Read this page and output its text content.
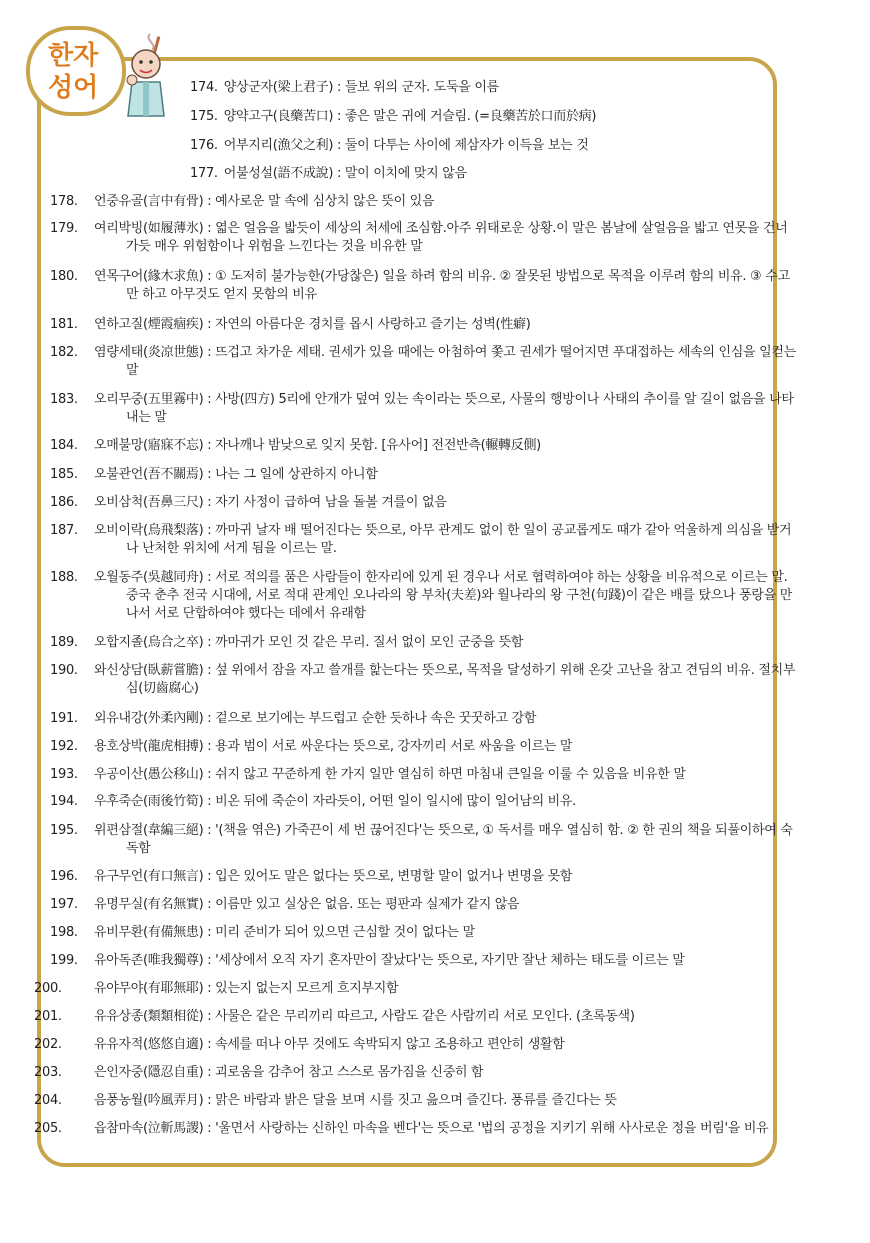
한자
성어	174. 양상군자(梁上君子) : 들보 위의 군자. 도둑을 이름
175. 양약고구(良藥苦口) : 좋은 말은 귀에 거슬림. (=良藥苦於口而於病)
176. 어부지리(漁父之利) : 둘이 다투는 사이에 제삼자가 이득을 보는 것
177. 어불성설(語不成說) : 말이 이치에 맞지 않음
178. 언중유골(言中有骨) : 예사로운 말 속에 심상치 않은 뜻이 있음
179. 여리박빙(如履薄氷) : 엷은 얼음을 밟듯이 세상의 처세에 조심함.아주 위태로운 상황.이 말은 봄날에 살얼음을 밟고 연못을 건너가듯 매우 위험함이나 위험을 느낀다는 것을 비유한 말
180. 연목구어(緣木求魚) : ① 도저히 불가능한(가당찮은) 일을 하려 함의 비유. ② 잘못된 방법으로 목적을 이루려 함의 비유. ③ 수고만 하고 아무것도 얻지 못함의 비유
181. 연하고질(煙霞痼疾) : 자연의 아름다운 경치를 몹시 사랑하고 즐기는 성벽(性癖)
182. 염량세태(炎凉世態) : 뜨겁고 차가운 세태. 권세가 있을 때에는 아첨하여 쫓고 권세가 떨어지면 푸대접하는 세속의 인심을 일컫는 말
183. 오리무중(五里霧中) : 사방(四方) 5리에 안개가 덮여 있는 속이라는 뜻으로, 사물의 행방이나 사태의 추이를 알 길이 없음을 나타내는 말
184. 오매불망(寤寐不忘) : 자나깨나 밤낮으로 잊지 못함. [유사어] 전전반측(輾轉反側)
185. 오불관언(吾不關焉) : 나는 그 일에 상관하지 아니함
186. 오비삼척(吾鼻三尺) : 자기 사정이 급하여 남을 돌볼 겨를이 없음
187. 오비이락(烏飛梨落) : 까마귀 날자 배 떨어진다는 뜻으로, 아무 관계도 없이 한 일이 공교롭게도 때가 같아 억울하게 의심을 받거나 난처한 위치에 서게 됨을 이르는 말.
188. 오월동주(吳越同舟) : 서로 적의를 품은 사람들이 한자리에 있게 된 경우나 서로 협력하여야 하는 상황을 비유적으로 이르는 말. 중국 춘추 전국 시대에, 서로 적대 관계인 오나라의 왕 부차(夫差)와 월나라의 왕 구천(句踐)이 같은 배를 탔으나 풍랑을 만나서 서로 단합하여야 했다는 데에서 유래함
189. 오합지졸(烏合之卒) : 까마귀가 모인 것 같은 무리. 질서 없이 모인 군중을 뜻함
190. 와신상담(臥薪嘗膽) : 섶 위에서 잠을 자고 쓸개를 핥는다는 뜻으로, 목적을 달성하기 위해 온갖 고난을 참고 견딤의 비유. 절치부심(切齒腐心)
191. 외유내강(外柔內剛) : 겉으로 보기에는 부드럽고 순한 듯하나 속은 꿋꿋하고 강함
192. 용호상박(龍虎相搏) : 용과 범이 서로 싸운다는 뜻으로, 강자끼리 서로 싸움을 이르는 말
193. 우공이산(愚公移山) : 쉬지 않고 꾸준하게 한 가지 일만 열심히 하면 마침내 큰일을 이룰 수 있음을 비유한 말
194. 우후죽순(雨後竹筍) : 비온 뒤에 죽순이 자라듯이, 어떤 일이 일시에 많이 일어남의 비유.
195. 위편삼절(韋編三絕) : '(책을 엮은) 가죽끈이 세 번 끊어진다'는 뜻으로, ① 독서를 매우 열심히 함. ② 한 권의 책을 되풀이하여 숙독함
196. 유구무언(有口無言) : 입은 있어도 말은 없다는 뜻으로, 변명할 말이 없거나 변명을 못함
197. 유명무실(有名無實) : 이름만 있고 실상은 없음. 또는 평판과 실제가 같지 않음
198. 유비무환(有備無患) : 미리 준비가 되어 있으면 근심할 것이 없다는 말
199. 유아독존(唯我獨尊) : '세상에서 오직 자기 혼자만이 잘났다'는 뜻으로, 자기만 잘난 체하는 태도를 이르는 말
200. 유야무야(有耶無耶) : 있는지 없는지 모르게 흐지부지함
201. 유유상종(類類相從) : 사물은 같은 무리끼리 따르고, 사람도 같은 사람끼리 서로 모인다. (초록동색)
202. 유유자적(悠悠自適) : 속세를 떠나 아무 것에도 속박되지 않고 조용하고 편안히 생활함
203. 은인자중(隱忍自重) : 괴로움을 감추어 참고 스스로 몸가짐을 신중히 함
204. 음풍농월(吟風弄月) : 맑은 바람과 밝은 달을 보며 시를 짓고 읊으며 즐긴다. 풍류를 즐긴다는 뜻
205. 읍참마속(泣斬馬謖) : '울면서 사랑하는 신하인 마속을 벤다'는 뜻으로 '법의 공정을 지키기 위해 사사로운 정을 버림'을 비유
